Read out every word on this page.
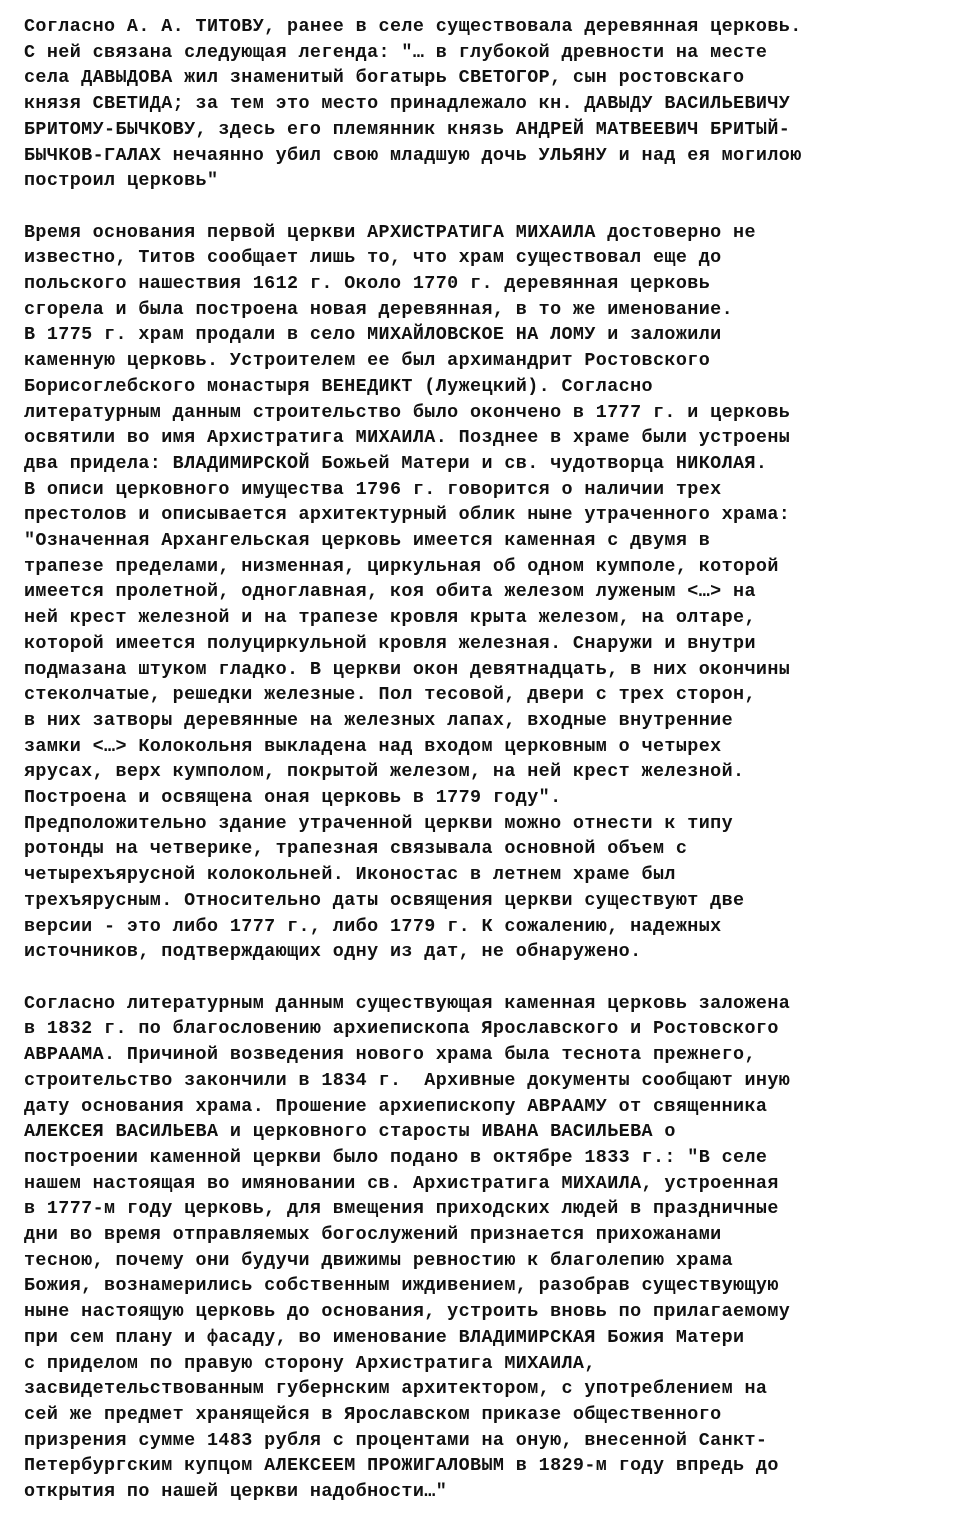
Согласно А. А. ТИТОВУ, ранее в селе существовала деревянная церковь.
С ней связана следующая легенда: "… в глубокой древности на месте
села ДАВЫДОВА жил знаменитый богатырь СВЕТОГОР, сын ростовскаго
князя СВЕТИДА; за тем это место принадлежало кн. ДАВЫДУ ВАСИЛЬЕВИЧУ
БРИТОМУ-БЫЧКОВУ, здесь его племянник князь АНДРЕЙ МАТВЕЕВИЧ БРИТЫЙ-
БЫЧКОВ-ГАЛАХ нечаянно убил свою младшую дочь УЛЬЯНУ и над ея могилою
построил церковь"
Время основания первой церкви АРХИСТРАТИГА МИХАИЛА достоверно не
известно, Титов сообщает лишь то, что храм существовал еще до
польского нашествия 1612 г. Около 1770 г. деревянная церковь
сгорела и была построена новая деревянная, в то же именование.
В 1775 г. храм продали в село МИХАЙЛОВСКОЕ НА ЛОМУ и заложили
каменную церковь. Устроителем ее был архимандрит Ростовского
Борисоглебского монастыря ВЕНЕДИКТ (Лужецкий). Согласно
литературным данным строительство было окончено в 1777 г. и церковь
освятили во имя Архистратига МИХАИЛА. Позднее в храме были устроены
два придела: ВЛАДИМИРСКОЙ Божьей Матери и св. чудотворца НИКОЛАЯ.
В описи церковного имущества 1796 г. говорится о наличии трех
престолов и описывается архитектурный облик ныне утраченного храма:
"Означенная Архангельская церковь имеется каменная с двумя в
трапезе пределами, низменная, циркульная об одном кумполе, которой
имеется пролетной, одноглавная, коя обита железом луженым <…> на
ней крест железной и на трапезе кровля крыта железом, на олтаре,
которой имеется полуциркульной кровля железная. Снаружи и внутри
подмазана штуком гладко. В церкви окон девятнадцать, в них окончины
стеколчатые, решедки железные. Пол тесовой, двери с трех сторон,
в них затворы деревянные на железных лапах, входные внутренние
замки <…> Колокольня выкладена над входом церковным о четырех
ярусах, верх кумполом, покрытой железом, на ней крест железной.
Построена и освящена оная церковь в 1779 году".
Предположительно здание утраченной церкви можно отнести к типу
ротонды на четверике, трапезная связывала основной объем с
четырехъярусной колокольней. Иконостас в летнем храме был
трехъярусным. Относительно даты освящения церкви существуют две
версии - это либо 1777 г., либо 1779 г. К сожалению, надежных
источников, подтверждающих одну из дат, не обнаружено.
Согласно литературным данным существующая каменная церковь заложена
в 1832 г. по благословению архиепископа Ярославского и Ростовского
АВРААМА. Причиной возведения нового храма была теснота прежнего,
строительство закончили в 1834 г.  Архивные документы сообщают иную
дату основания храма. Прошение архиепископу АВРААМУ от священника
АЛЕКСЕЯ ВАСИЛЬЕВА и церковного старосты ИВАНА ВАСИЛЬЕВА о
построении каменной церкви было подано в октябре 1833 г.: "В селе
нашем настоящая во имяновании св. Архистратига МИХАИЛА, устроенная
в 1777-м году церковь, для вмещения приходских людей в праздничные
дни во время отправляемых богослужений признается прихожанами
тесною, почему они будучи движимы ревностию к благолепию храма
Божия, вознамерились собственным иждивением, разобрав существующую
ныне настоящую церковь до основания, устроить вновь по прилагаемому
при сем плану и фасаду, во именование ВЛАДИМИРСКАЯ Божия Матери
с приделом по правую сторону Архистратига МИХАИЛА,
засвидетельствованным губернским архитектором, с употреблением на
сей же предмет хранящейся в Ярославском приказе общественного
призрения сумме 1483 рубля с процентами на оную, внесенной Санкт-
Петербургским купцом АЛЕКСЕЕМ ПРОЖИГАЛОВЫМ в 1829-м году впредь до
открытия по нашей церкви надобности…"
